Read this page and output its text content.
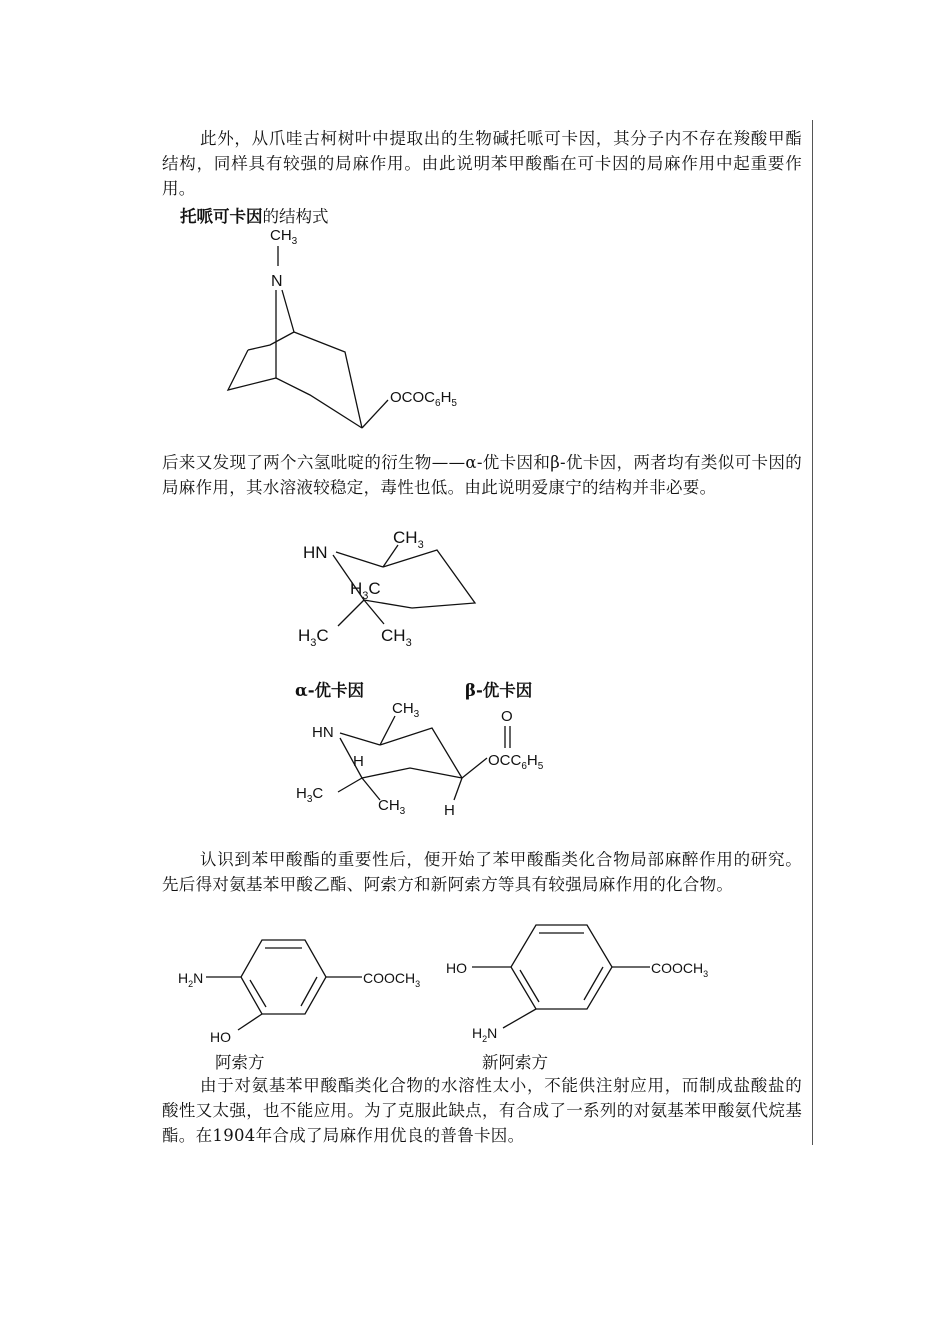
此外，从爪哇古柯树叶中提取出的生物碱托哌可卡因，其分子内不存在羧酸甲酯结构，同样具有较强的局麻作用。由此说明苯甲酸酯在可卡因的局麻作用中起重要作用。

托哌可卡因的结构式
$CH_3$
N
$OCOC_6H_5$
HN
$CH_3$
$H_3C$
$H_3C$	$CH_3$
HN
$CH_3$
H
$H_3C$
$CH_3$	H
$OCC_6H_5$
O
$H_2N$
HO
$COOCH_3$
HO
$H_2N$
$COOCH_3$

后来又发现了两个六氢吡啶的衍生物——α-优卡因和β-优卡因，两者均有类似可卡因的局麻作用，其水溶液较稳定，毒性也低。由此说明爱康宁的结构并非必要。

α-优卡因	β-优卡因

认识到苯甲酸酯的重要性后，便开始了苯甲酸酯类化合物局部麻醉作用的研究。先后得对氨基苯甲酸乙酯、阿索方和新阿索方等具有较强局麻作用的化合物。

阿索方	新阿索方

由于对氨基苯甲酸酯类化合物的水溶性太小，不能供注射应用，而制成盐酸盐的酸性又太强，也不能应用。为了克服此缺点，有合成了一系列的对氨基苯甲酸氨代烷基酯。在1904年合成了局麻作用优良的普鲁卡因。
